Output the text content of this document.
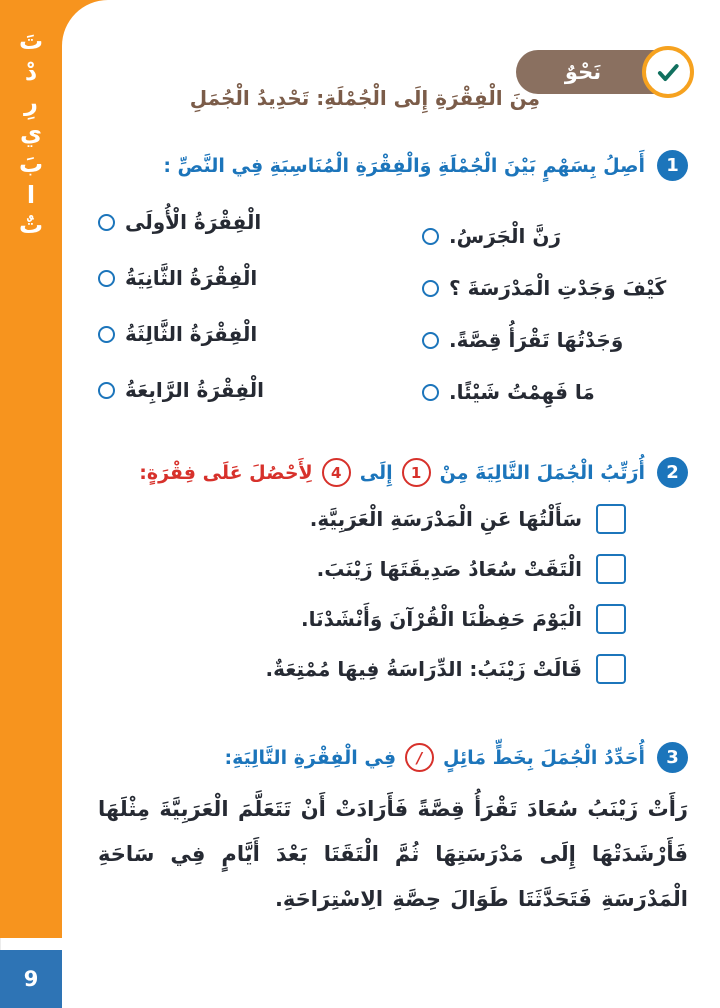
تَ
دْ
رِ
ي
بَ
ا
تٌ
نَحْوٌ
مِنَ الْفِقْرَةِ إِلَى الْجُمْلَةِ: تَحْدِيدُ الْجُمَلِ
1
أَصِلُ بِسَهْمٍ بَيْنَ الْجُمْلَةِ وَالْفِقْرَةِ الْمُنَاسِبَةِ فِي النَّصِّ :
الْفِقْرَةُ الْأُولَى
الْفِقْرَةُ الثَّانِيَةُ
الْفِقْرَةُ الثَّالِثَةُ
الْفِقْرَةُ الرَّابِعَةُ
رَنَّ الْجَرَسُ.
كَيْفَ وَجَدْتِ الْمَدْرَسَةَ ؟
وَجَدْتُهَا تَقْرَأُ قِصَّةً.
مَا فَهِمْتُ شَيْئًا.
2
أُرَتِّبُ الْجُمَلَ التَّالِيَةَ مِنْ
1
إِلَى
4
لِأَحْصُلَ عَلَى فِقْرَةٍ:
سَأَلْتُهَا عَنِ الْمَدْرَسَةِ الْعَرَبِيَّةِ.
الْتَقَتْ سُعَادُ صَدِيقَتَهَا زَيْنَبَ.
الْيَوْمَ حَفِظْنَا الْقُرْآنَ وَأَنْشَدْنَا.
قَالَتْ زَيْنَبُ: الدِّرَاسَةُ فِيهَا مُمْتِعَةٌ.
3
أُحَدِّدُ الْجُمَلَ بِخَطٍّ مَائِلٍ
/
فِي الْفِقْرَةِ التَّالِيَةِ:
رَأَتْ زَيْنَبُ سُعَادَ تَقْرَأُ قِصَّةً فَأَرَادَتْ أَنْ تَتَعَلَّمَ الْعَرَبِيَّةَ مِثْلَهَا فَأَرْشَدَتْهَا إِلَى مَدْرَسَتِهَا ثُمَّ الْتَقَتَا بَعْدَ أَيَّامٍ فِي سَاحَةِ الْمَدْرَسَةِ فَتَحَدَّثَتَا طَوَالَ حِصَّةِ الِاسْتِرَاحَةِ.
9
